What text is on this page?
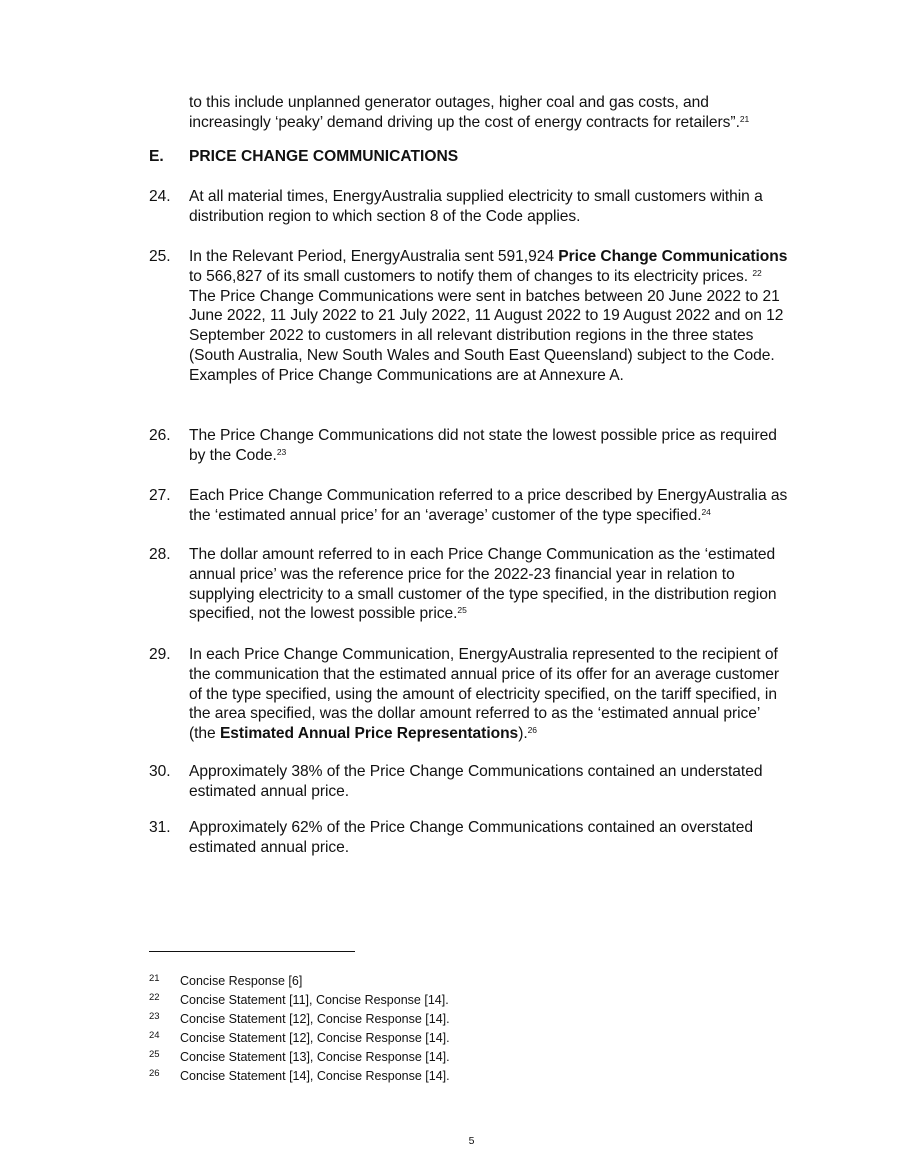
to this include unplanned generator outages, higher coal and gas costs, and increasingly ‘peaky’ demand driving up the cost of energy contracts for retailers”.$^{21}$
E. PRICE CHANGE COMMUNICATIONS
24. At all material times, EnergyAustralia supplied electricity to small customers within a distribution region to which section 8 of the Code applies.
25. In the Relevant Period, EnergyAustralia sent 591,924 Price Change Communications to 566,827 of its small customers to notify them of changes to its electricity prices. $^{22}$ The Price Change Communications were sent in batches between 20 June 2022 to 21 June 2022, 11 July 2022 to 21 July 2022, 11 August 2022 to 19 August 2022 and on 12 September 2022 to customers in all relevant distribution regions in the three states (South Australia, New South Wales and South East Queensland) subject to the Code. Examples of Price Change Communications are at Annexure A.
26. The Price Change Communications did not state the lowest possible price as required by the Code.$^{23}$
27. Each Price Change Communication referred to a price described by EnergyAustralia as the ‘estimated annual price’ for an ‘average’ customer of the type specified.$^{24}$
28. The dollar amount referred to in each Price Change Communication as the ‘estimated annual price’ was the reference price for the 2022-23 financial year in relation to supplying electricity to a small customer of the type specified, in the distribution region specified, not the lowest possible price.$^{25}$
29. In each Price Change Communication, EnergyAustralia represented to the recipient of the communication that the estimated annual price of its offer for an average customer of the type specified, using the amount of electricity specified, on the tariff specified, in the area specified, was the dollar amount referred to as the ‘estimated annual price’ (the Estimated Annual Price Representations).$^{26}$
30. Approximately 38% of the Price Change Communications contained an understated estimated annual price.
31. Approximately 62% of the Price Change Communications contained an overstated estimated annual price.
21 Concise Response [6]
22 Concise Statement [11], Concise Response [14].
23 Concise Statement [12], Concise Response [14].
24 Concise Statement [12], Concise Response [14].
25 Concise Statement [13], Concise Response [14].
26 Concise Statement [14], Concise Response [14].
5
